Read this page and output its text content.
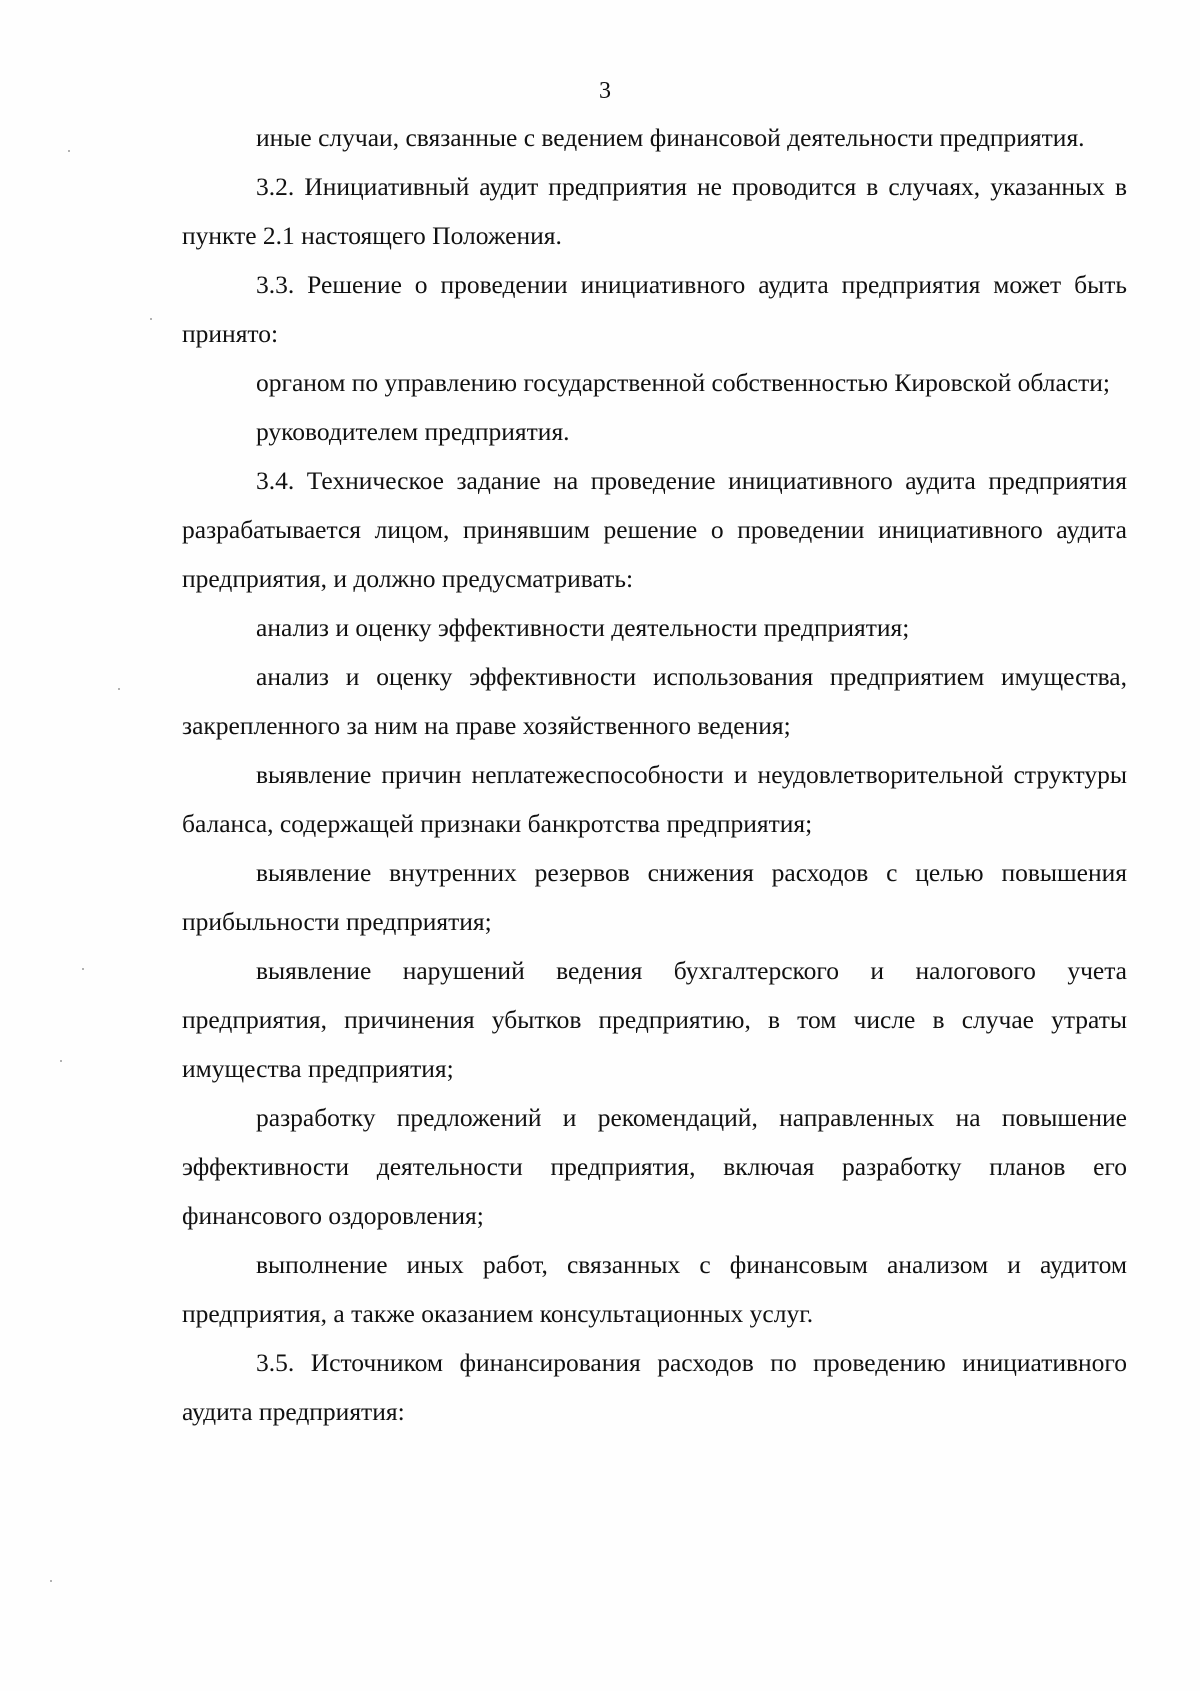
3

иные случаи, связанные с ведением финансовой деятельности предприятия.

3.2. Инициативный аудит предприятия не проводится в случаях, указанных в пункте 2.1 настоящего Положения.

3.3. Решение о проведении инициативного аудита предприятия может быть принято:

органом по управлению государственной собственностью Кировской области;

руководителем предприятия.

3.4. Техническое задание на проведение инициативного аудита предприятия разрабатывается лицом, принявшим решение о проведении инициативного аудита предприятия, и должно предусматривать:

анализ и оценку эффективности деятельности предприятия;

анализ и оценку эффективности использования предприятием имущества, закрепленного за ним на праве хозяйственного ведения;

выявление причин неплатежеспособности и неудовлетворительной структуры баланса, содержащей признаки банкротства предприятия;

выявление внутренних резервов снижения расходов с целью повышения прибыльности предприятия;

выявление нарушений ведения бухгалтерского и налогового учета предприятия, причинения убытков предприятию, в том числе в случае утраты имущества предприятия;

разработку предложений и рекомендаций, направленных на повышение эффективности деятельности предприятия, включая разработку планов его финансового оздоровления;

выполнение иных работ, связанных с финансовым анализом и аудитом предприятия, а также оказанием консультационных услуг.

3.5. Источником финансирования расходов по проведению инициативного аудита предприятия:
